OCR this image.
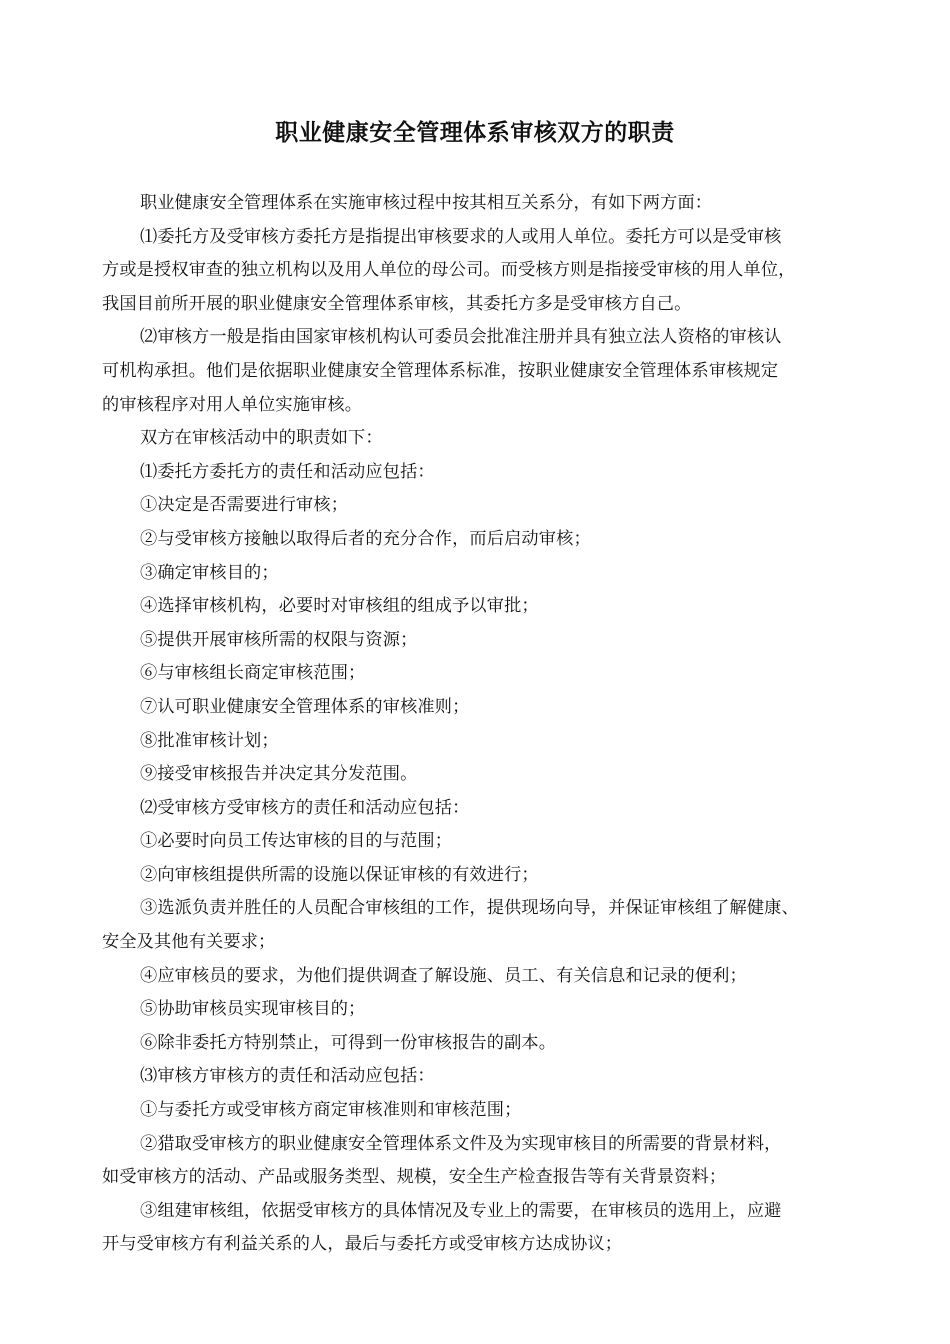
职业健康安全管理体系审核双方的职责
职业健康安全管理体系在实施审核过程中按其相互关系分，有如下两方面：
⑴委托方及受审核方委托方是指提出审核要求的人或用人单位。委托方可以是受审核
方或是授权审查的独立机构以及用人单位的母公司。而受核方则是指接受审核的用人单位，
我国目前所开展的职业健康安全管理体系审核，其委托方多是受审核方自己。
⑵审核方一般是指由国家审核机构认可委员会批准注册并具有独立法人资格的审核认
可机构承担。他们是依据职业健康安全管理体系标准，按职业健康安全管理体系审核规定
的审核程序对用人单位实施审核。
双方在审核活动中的职责如下：
⑴委托方委托方的责任和活动应包括：
①决定是否需要进行审核；
②与受审核方接触以取得后者的充分合作，而后启动审核；
③确定审核目的；
④选择审核机构，必要时对审核组的组成予以审批；
⑤提供开展审核所需的权限与资源；
⑥与审核组长商定审核范围；
⑦认可职业健康安全管理体系的审核准则；
⑧批准审核计划；
⑨接受审核报告并决定其分发范围。
⑵受审核方受审核方的责任和活动应包括：
①必要时向员工传达审核的目的与范围；
②向审核组提供所需的设施以保证审核的有效进行；
③选派负责并胜任的人员配合审核组的工作，提供现场向导，并保证审核组了解健康、
安全及其他有关要求；
④应审核员的要求，为他们提供调查了解设施、员工、有关信息和记录的便利；
⑤协助审核员实现审核目的；
⑥除非委托方特别禁止，可得到一份审核报告的副本。
⑶审核方审核方的责任和活动应包括：
①与委托方或受审核方商定审核准则和审核范围；
②猎取受审核方的职业健康安全管理体系文件及为实现审核目的所需要的背景材料，
如受审核方的活动、产品或服务类型、规模，安全生产检查报告等有关背景资料；
③组建审核组，依据受审核方的具体情况及专业上的需要，在审核员的选用上，应避
开与受审核方有利益关系的人，最后与委托方或受审核方达成协议；
